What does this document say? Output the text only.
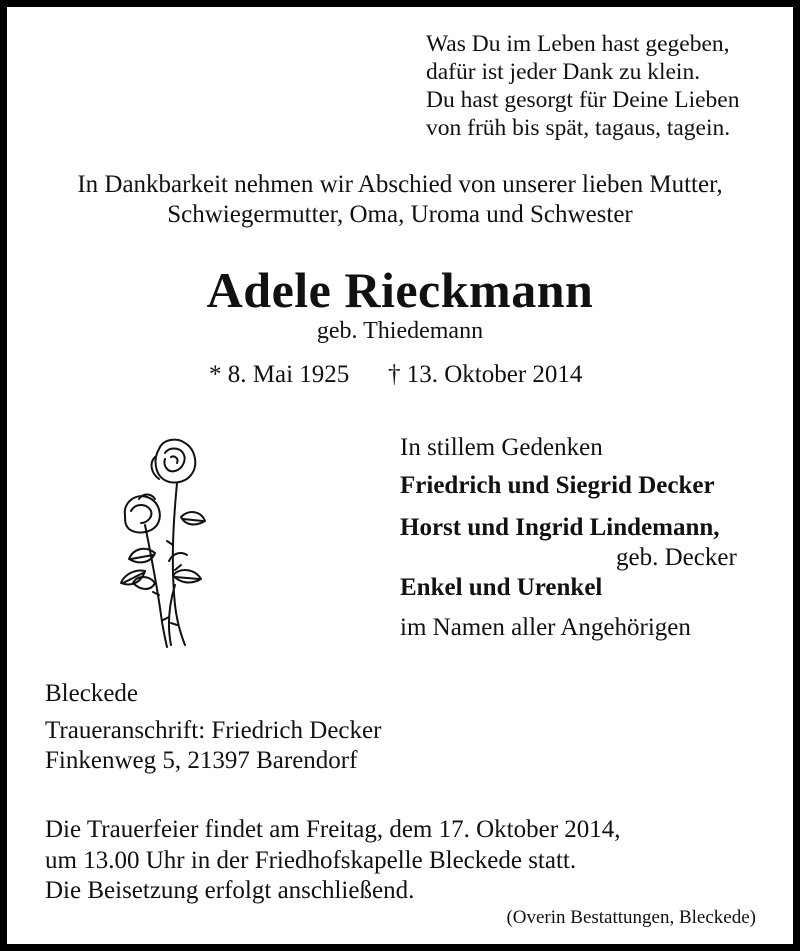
Was Du im Leben hast gegeben,
dafür ist jeder Dank zu klein.
Du hast gesorgt für Deine Lieben
von früh bis spät, tagaus, tagein.
In Dankbarkeit nehmen wir Abschied von unserer lieben Mutter,
Schwiegermutter, Oma, Uroma und Schwester
Adele Rieckmann
geb. Thiedemann
* 8. Mai 1925 † 13. Oktober 2014
In stillem Gedenken
Friedrich und Siegrid Decker
Horst und Ingrid Lindemann,
geb. Decker
Enkel und Urenkel
im Namen aller Angehörigen
Bleckede
Traueranschrift: Friedrich Decker
Finkenweg 5, 21397 Barendorf
Die Trauerfeier findet am Freitag, dem 17. Oktober 2014,
um 13.00 Uhr in der Friedhofskapelle Bleckede statt.
Die Beisetzung erfolgt anschließend.
(Overin Bestattungen, Bleckede)
